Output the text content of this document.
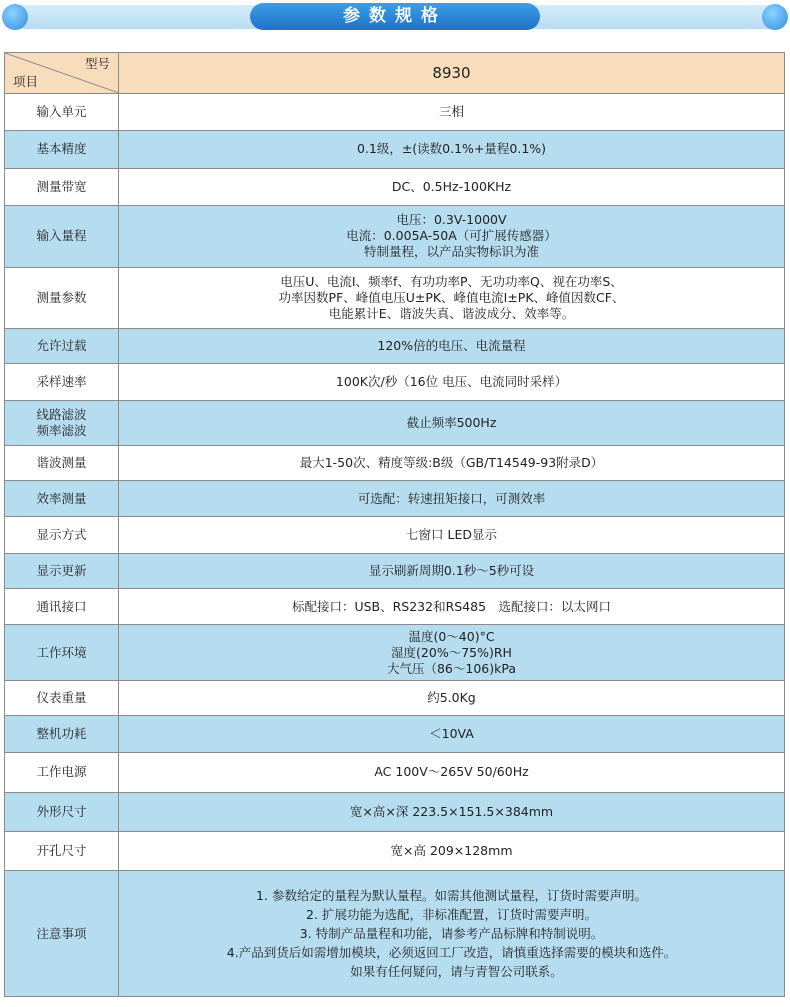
参数规格
型号
项目	8930
输入单元	三相

基本精度	0.1级，±(读数0.1%+量程0.1%)

测量带宽	DC、0.5Hz-100KHz

输入量程	电压：0.3V-1000V
电流：0.005A-50A（可扩展传感器）
特制量程，以产品实物标识为准

测量参数	电压U、电流I、频率f、有功功率P、无功功率Q、视在功率S、
功率因数PF、峰值电压U±PK、峰值电流I±PK、峰值因数CF、
电能累计E、谐波失真、谐波成分、效率等。

允许过载	120%倍的电压、电流量程

采样速率	100K次/秒（16位 电压、电流同时采样）

线路滤波
频率滤波	截止频率500Hz

谐波测量	最大1-50次、精度等级:B级（GB/T14549-93附录D）

效率测量	可选配：转速扭矩接口，可测效率

显示方式	七窗口 LED显示

显示更新	显示刷新周期0.1秒～5秒可设

通讯接口	标配接口：USB、RS232和RS485　选配接口：以太网口

工作环境	温度(0～40)°C
湿度(20%～75%)RH
大气压（86～106)kPa

仪表重量	约5.0Kg

整机功耗	＜10VA

工作电源	AC 100V～265V 50/60Hz

外形尺寸	宽×高×深 223.5×151.5×384mm

开孔尺寸	宽×高 209×128mm

注意事项	1. 参数给定的量程为默认量程。如需其他测试量程，订货时需要声明。
2. 扩展功能为选配，非标准配置，订货时需要声明。
3. 特制产品量程和功能，请参考产品标牌和特制说明。
4.产品到货后如需增加模块，必须返回工厂改造，请慎重选择需要的模块和选件。
如果有任何疑问，请与青智公司联系。
